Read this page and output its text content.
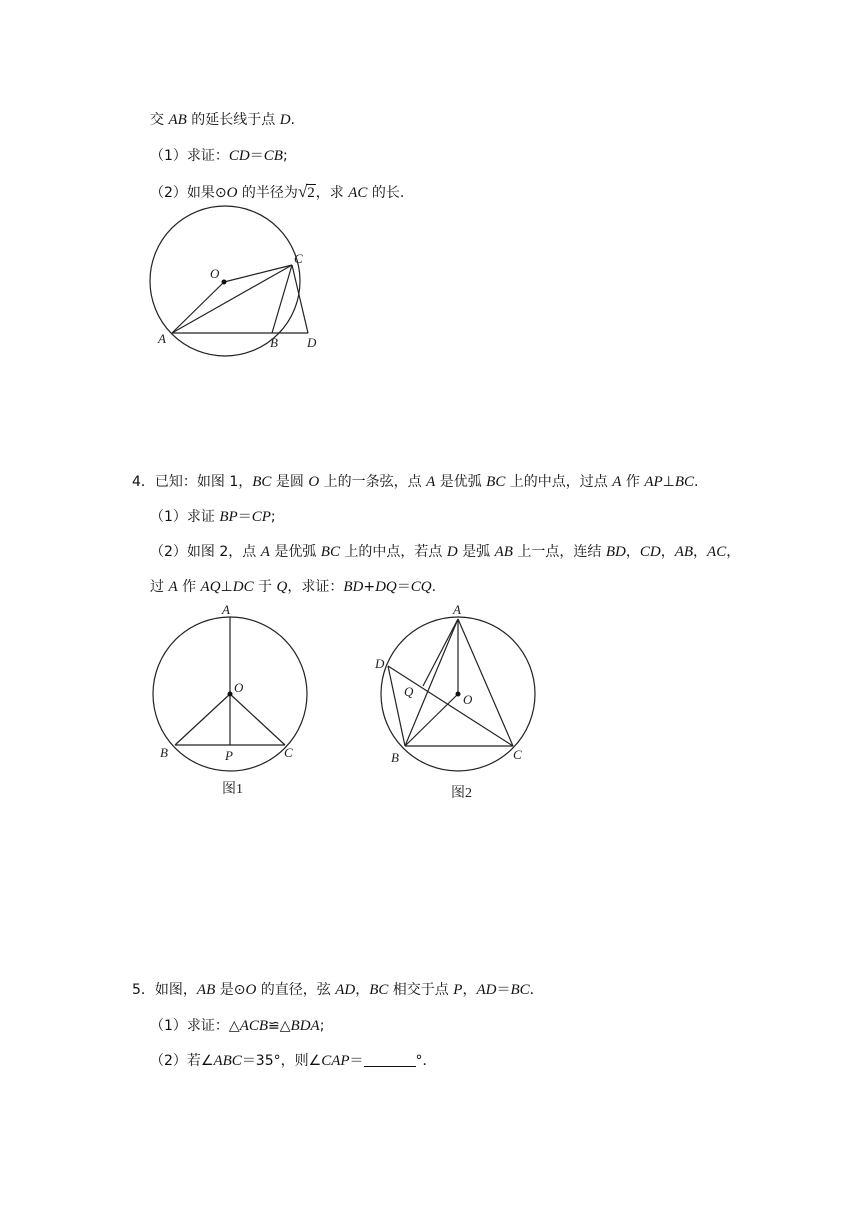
交 AB 的延长线于点 D.
（1）求证：CD＝CB;
（2）如果⊙O 的半径为√2，求 AC 的长.
O
C
A	B D
4．已知：如图 1，BC 是圆 O 上的一条弦，点 A 是优弧 BC 上的中点，过点 A 作 AP⊥BC.
（1）求证 BP＝CP;
（2）如图 2，点 A 是优弧 BC 上的中点，若点 D 是弧 AB 上一点，连结 BD，CD，AB，AC，
过 A 作 AQ⊥DC 于 Q，求证：BD+DQ＝CQ.
A
O
B	P	C
图1
A
D
Q
O
B	C
图2
5．如图，AB 是⊙O 的直径，弦 AD，BC 相交于点 P，AD＝BC.
（1）求证：△ACB≌△BDA;
（2）若∠ABC＝35°，则∠CAP＝	°．
